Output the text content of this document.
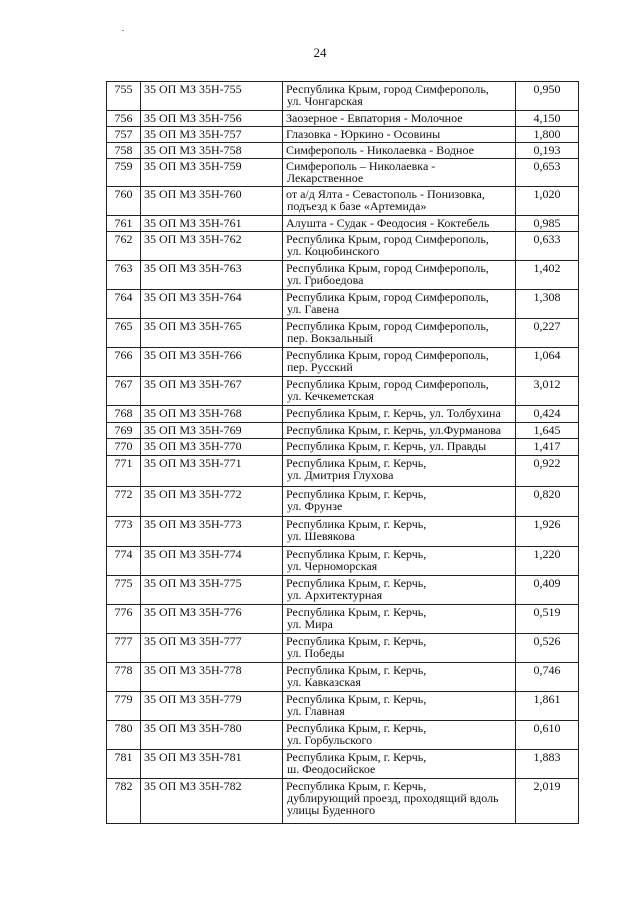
24
755	35 ОП МЗ 35Н-755	Республика Крым, город Симферополь,
ул. Чонгарская	0,950
756	35 ОП МЗ 35Н-756	Заозерное - Евпатория - Молочное	4,150
757	35 ОП МЗ 35Н-757	Глазовка - Юркино - Осовины	1,800
758	35 ОП МЗ 35Н-758	Симферополь - Николаевка - Водное	0,193
759	35 ОП МЗ 35Н-759	Симферополь – Николаевка -
Лекарственное	0,653
760	35 ОП МЗ 35Н-760	от а/д Ялта - Севастополь - Понизовка,
подъезд к базе «Артемида»	1,020
761	35 ОП МЗ 35Н-761	Алушта - Судак - Феодосия - Коктебель	0,985
762	35 ОП МЗ 35Н-762	Республика Крым, город Симферополь,
ул. Коцюбинского	0,633
763	35 ОП МЗ 35Н-763	Республика Крым, город Симферополь,
ул. Грибоедова	1,402
764	35 ОП МЗ 35Н-764	Республика Крым, город Симферополь,
ул. Гавена	1,308
765	35 ОП МЗ 35Н-765	Республика Крым, город Симферополь,
пер. Вокзальный	0,227
766	35 ОП МЗ 35Н-766	Республика Крым, город Симферополь,
пер. Русский	1,064
767	35 ОП МЗ 35Н-767	Республика Крым, город Симферополь,
ул. Кечкеметская	3,012
768	35 ОП МЗ 35Н-768	Республика Крым, г. Керчь, ул. Толбухина	0,424
769	35 ОП МЗ 35Н-769	Республика Крым, г. Керчь, ул.Фурманова	1,645
770	35 ОП МЗ 35Н-770	Республика Крым, г. Керчь, ул. Правды	1,417
771	35 ОП МЗ 35Н-771	Республика Крым, г. Керчь,
ул. Дмитрия Глухова	0,922
772	35 ОП МЗ 35Н-772	Республика Крым, г. Керчь,
ул. Фрунзе	0,820
773	35 ОП МЗ 35Н-773	Республика Крым, г. Керчь,
ул. Шевякова	1,926
774	35 ОП МЗ 35Н-774	Республика Крым, г. Керчь,
ул. Черноморская	1,220
775	35 ОП МЗ 35Н-775	Республика Крым, г. Керчь,
ул. Архитектурная	0,409
776	35 ОП МЗ 35Н-776	Республика Крым, г. Керчь,
ул. Мира	0,519
777	35 ОП МЗ 35Н-777	Республика Крым, г. Керчь,
ул. Победы	0,526
778	35 ОП МЗ 35Н-778	Республика Крым, г. Керчь,
ул. Кавказская	0,746
779	35 ОП МЗ 35Н-779	Республика Крым, г. Керчь,
ул. Главная	1,861
780	35 ОП МЗ 35Н-780	Республика Крым, г. Керчь,
ул. Горбульского	0,610
781	35 ОП МЗ 35Н-781	Республика Крым, г. Керчь,
ш. Феодосийское	1,883
782	35 ОП МЗ 35Н-782	Республика Крым, г. Керчь,
дублирующий проезд, проходящий вдоль
улицы Буденного	2,019
